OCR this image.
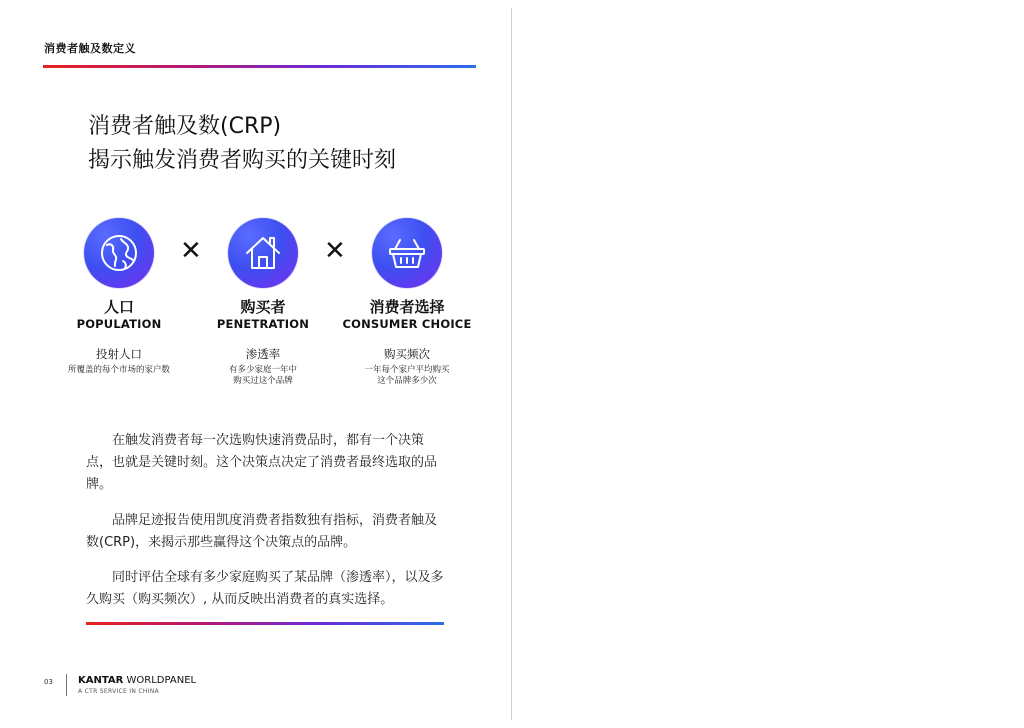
消费者触及数定义
消费者触及数(CRP)
揭示触发消费者购买的关键时刻
✕	✕
人口
POPULATION
投射人口
所覆盖的每个市场的家户数
购买者
PENETRATION
渗透率
有多少家庭一年中
购买过这个品牌
消费者选择
CONSUMER CHOICE
购买频次
一年每个家户平均购买
这个品牌多少次
在触发消费者每一次选购快速消费品时，都有一个决策点，也就是关键时刻。这个决策点决定了消费者最终选取的品牌。
品牌足迹报告使用凯度消费者指数独有指标，消费者触及数(CRP)，来揭示那些赢得这个决策点的品牌。
同时评估全球有多少家庭购买了某品牌（渗透率），以及多久购买（购买频次）, 从而反映出消费者的真实选择。
03	KANTAR WORLDPANEL
A CTR SERVICE IN CHINA
